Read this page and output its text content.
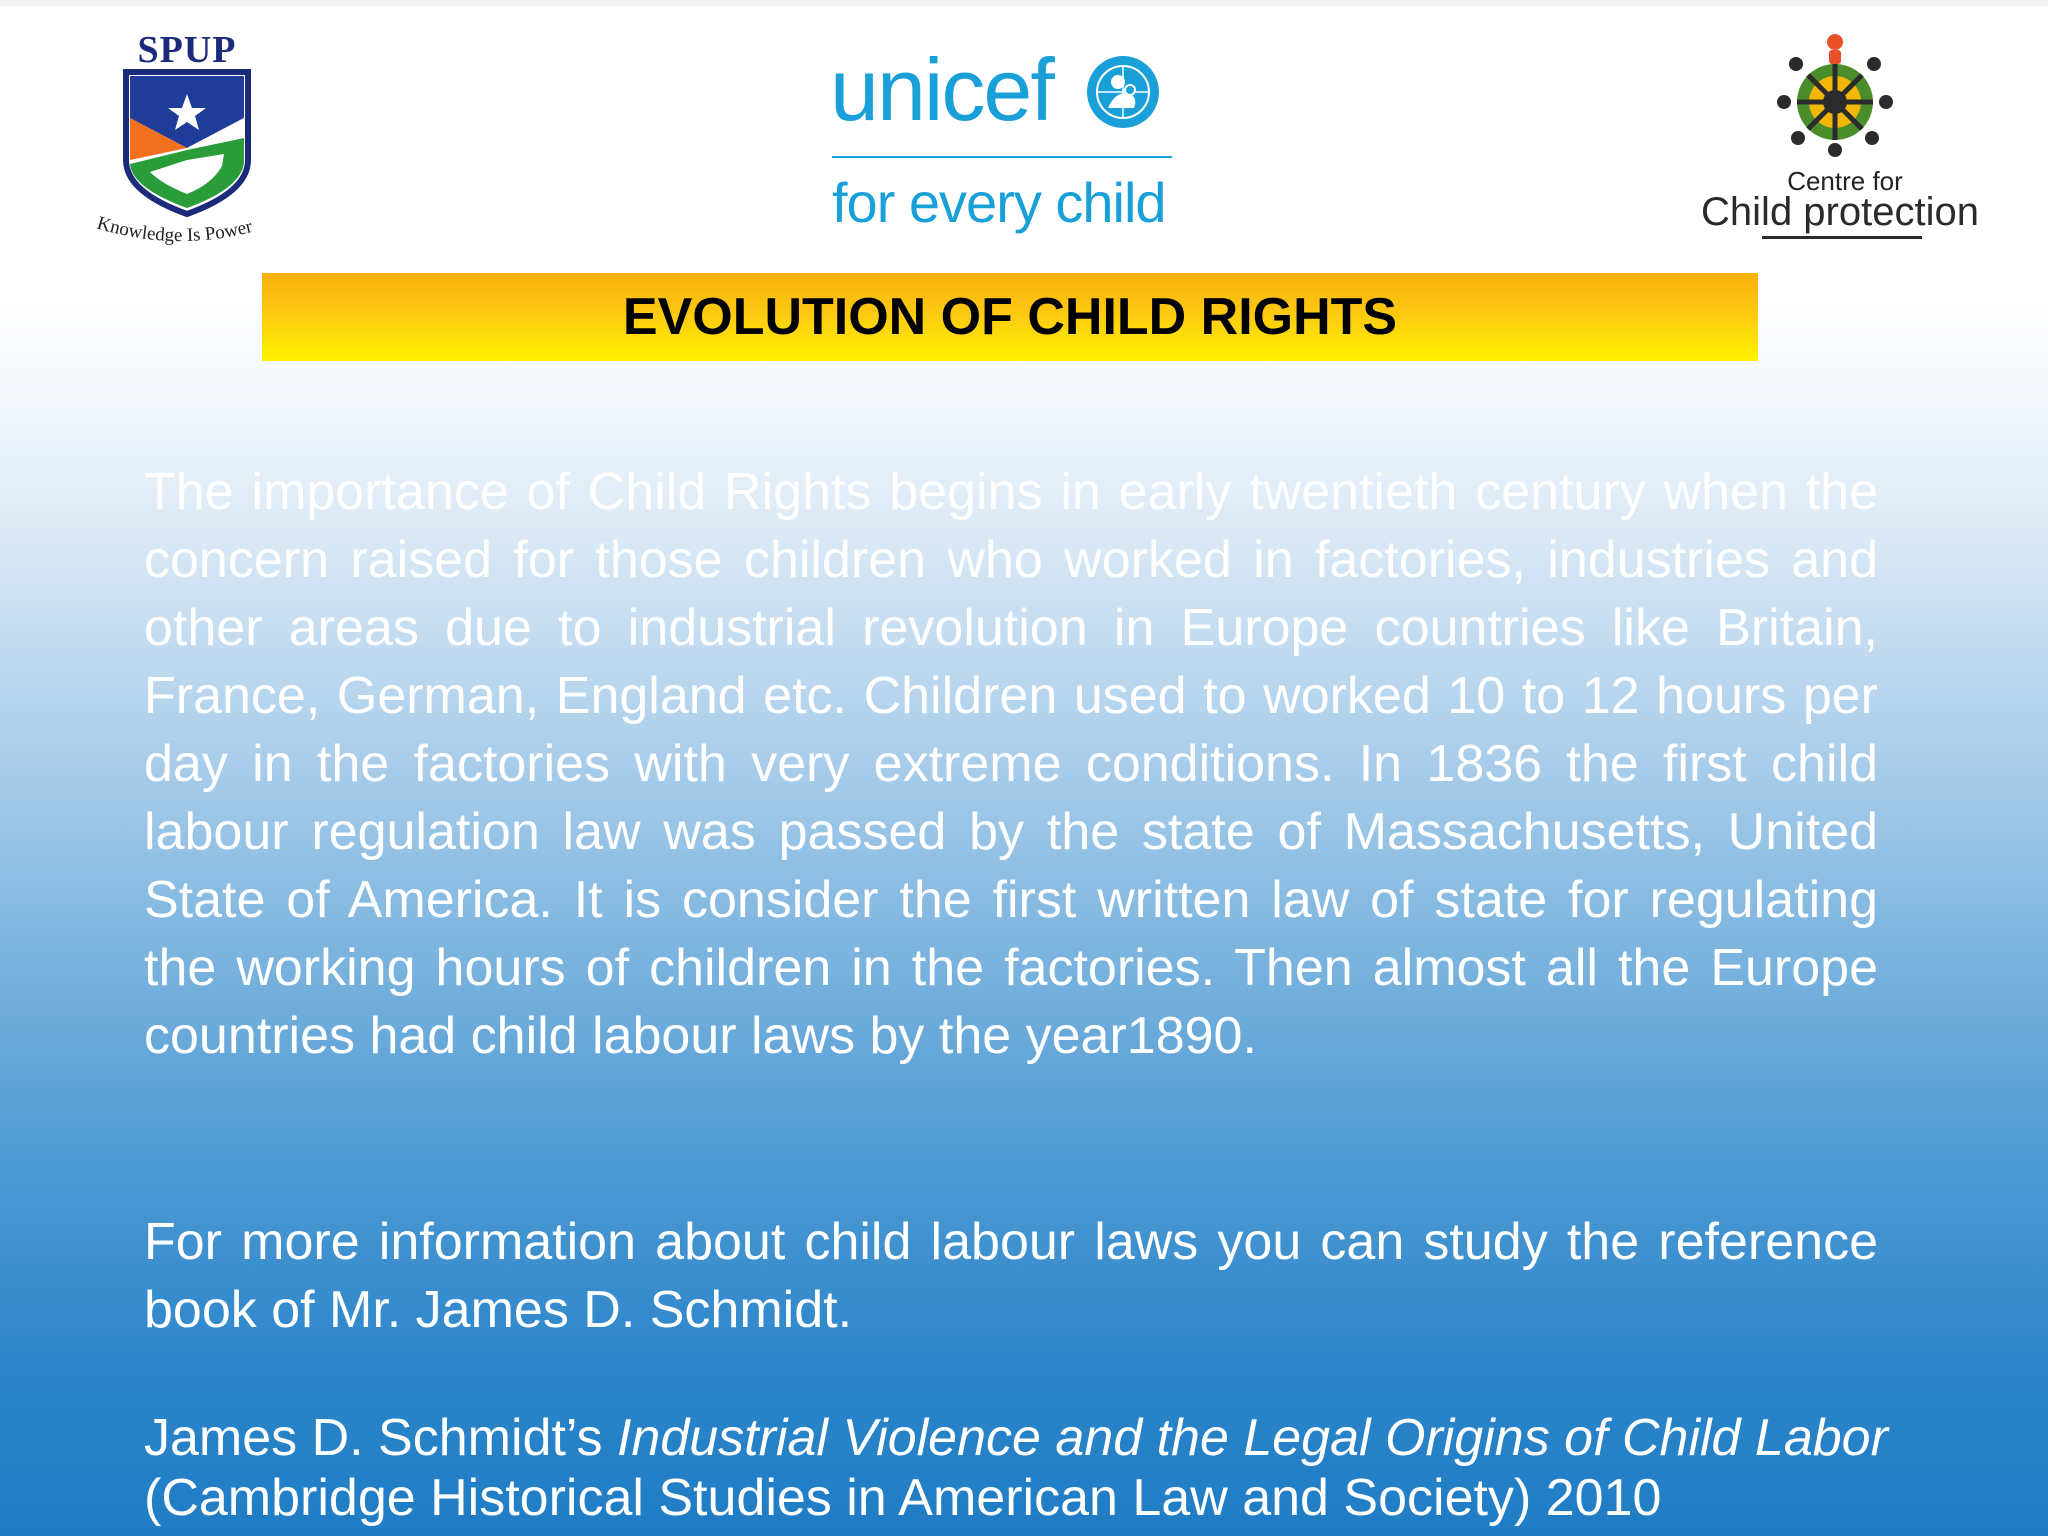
SPUP
Knowledge Is Power
unicef
for every child	Centre for
Child protection
EVOLUTION OF CHILD RIGHTS

The importance of Child Rights begins in early twentieth century when the concern raised for those children who worked in factories, industries and other areas due to industrial revolution in Europe countries like Britain, France, German, England etc. Children used to worked 10 to 12 hours per day in the factories with very extreme conditions. In 1836 the first child labour regulation law was passed by the state of Massachusetts, United State of America. It is consider the first written law of state for regulating the working hours of children in the factories. Then almost all the Europe countries had child labour laws by the year1890.

For more information about child labour laws you can study the reference book of Mr. James D. Schmidt.

James D. Schmidt’s Industrial Violence and the Legal Origins of Child Labor
(Cambridge Historical Studies in American Law and Society) 2010
